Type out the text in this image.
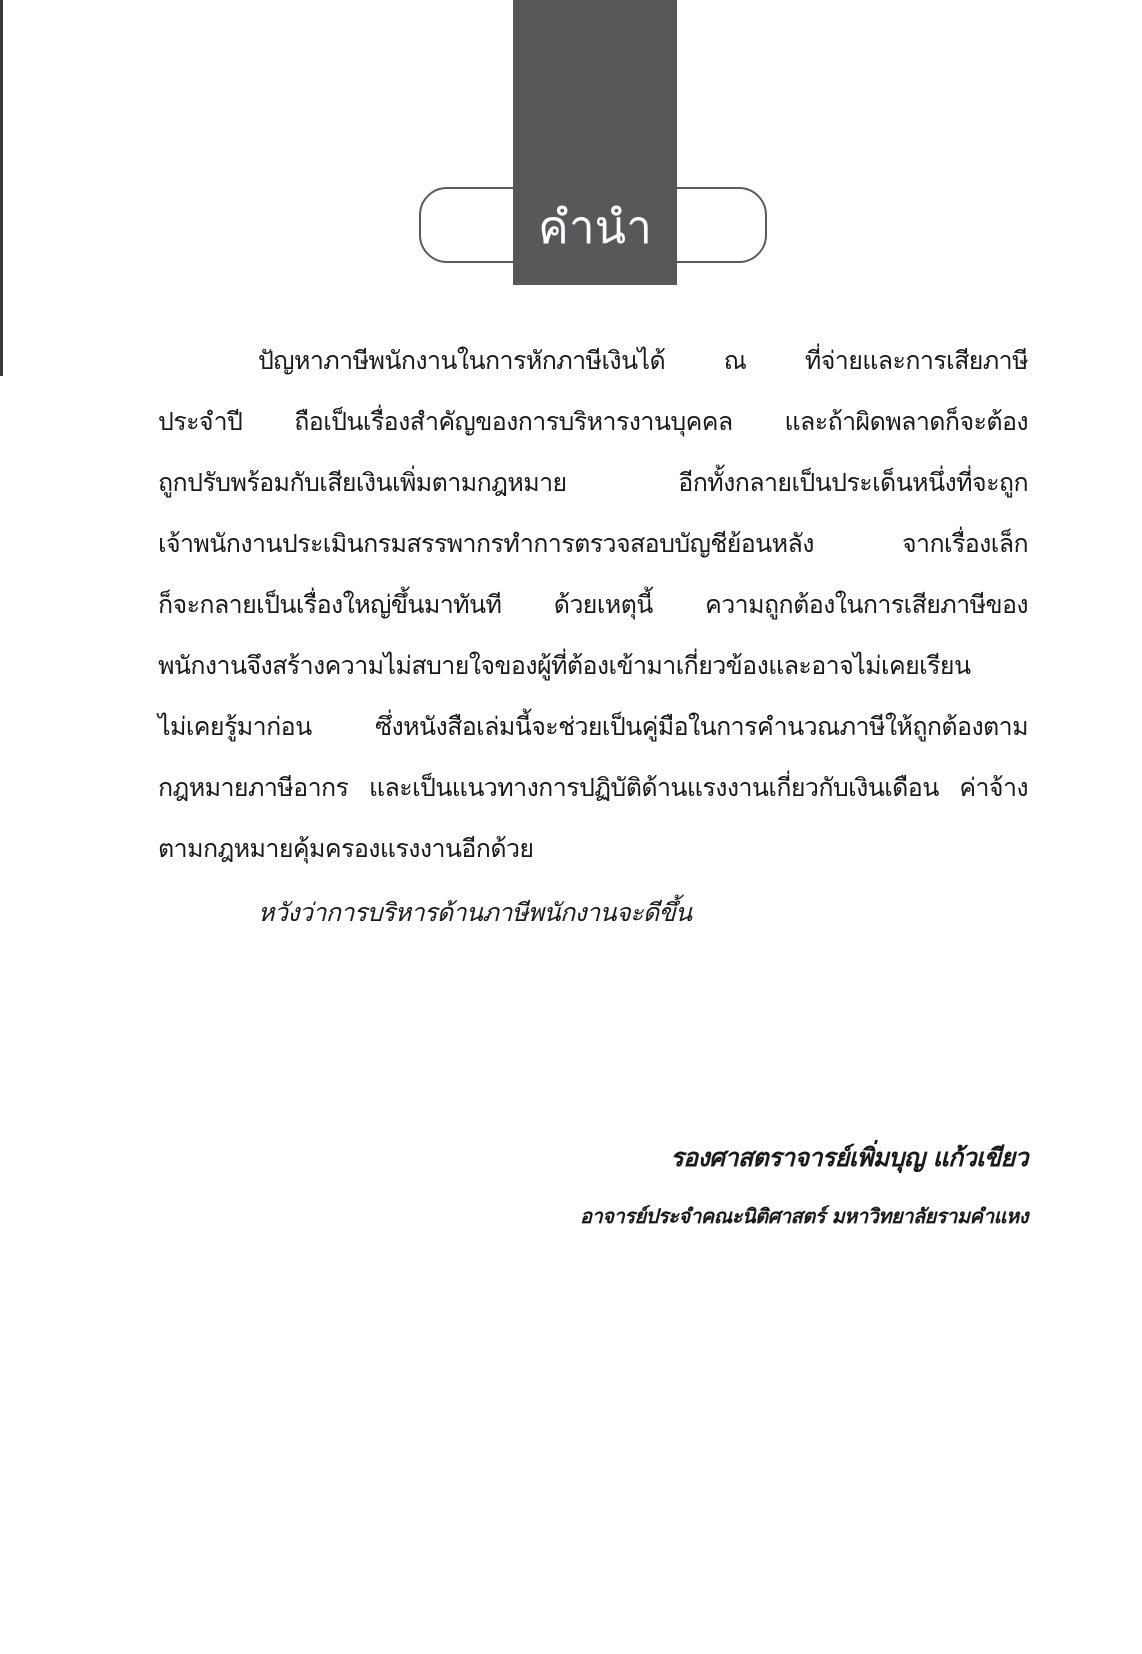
คำนำ
ปัญหาภาษีพนักงานในการหักภาษีเงินได้ ณ ที่จ่ายและการเสียภาษี
ประจำปี ถือเป็นเรื่องสำคัญของการบริหารงานบุคคล และถ้าผิดพลาดก็จะต้อง
ถูกปรับพร้อมกับเสียเงินเพิ่มตามกฎหมาย อีกทั้งกลายเป็นประเด็นหนึ่งที่จะถูก
เจ้าพนักงานประเมินกรมสรรพากรทำการตรวจสอบบัญชีย้อนหลัง จากเรื่องเล็ก
ก็จะกลายเป็นเรื่องใหญ่ขึ้นมาทันที ด้วยเหตุนี้ ความถูกต้องในการเสียภาษีของ
พนักงานจึงสร้างความไม่สบายใจของผู้ที่ต้องเข้ามาเกี่ยวข้องและอาจไม่เคยเรียน
ไม่เคยรู้มาก่อน ซึ่งหนังสือเล่มนี้จะช่วยเป็นคู่มือในการคำนวณภาษีให้ถูกต้องตาม
กฎหมายภาษีอากร และเป็นแนวทางการปฏิบัติด้านแรงงานเกี่ยวกับเงินเดือน ค่าจ้าง
ตามกฎหมายคุ้มครองแรงงานอีกด้วย
หวังว่าการบริหารด้านภาษีพนักงานจะดีขึ้น
รองศาสตราจารย์เพิ่มบุญ แก้วเขียว
อาจารย์ประจำคณะนิติศาสตร์ มหาวิทยาลัยรามคำแหง
